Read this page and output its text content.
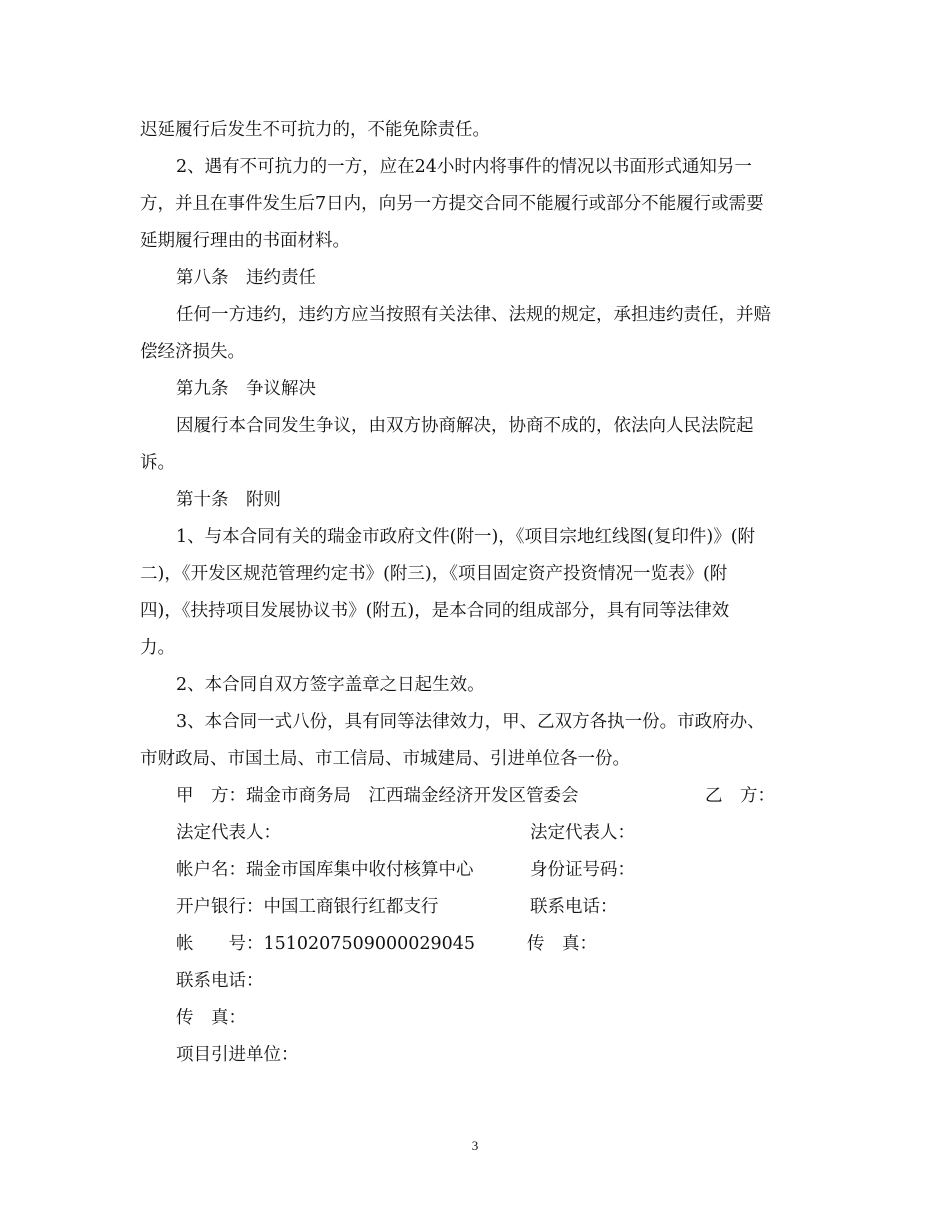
迟延履行后发生不可抗力的，不能免除责任。
2、遇有不可抗力的一方，应在24小时内将事件的情况以书面形式通知另一
方，并且在事件发生后7日内，向另一方提交合同不能履行或部分不能履行或需要
延期履行理由的书面材料。
第八条　违约责任
任何一方违约，违约方应当按照有关法律、法规的规定，承担违约责任，并赔
偿经济损失。
第九条　争议解决
因履行本合同发生争议，由双方协商解决，协商不成的，依法向人民法院起
诉。
第十条　附则
1、与本合同有关的瑞金市政府文件(附一)，《项目宗地红线图(复印件)》(附
二)，《开发区规范管理约定书》(附三)，《项目固定资产投资情况一览表》(附
四)，《扶持项目发展协议书》(附五)，是本合同的组成部分，具有同等法律效
力。
2、本合同自双方签字盖章之日起生效。
3、本合同一式八份，具有同等法律效力，甲、乙双方各执一份。市政府办、
市财政局、市国土局、市工信局、市城建局、引进单位各一份。
甲　方：瑞金市商务局　江西瑞金经济开发区管委会	乙　方：
法定代表人：	法定代表人：
帐户名：瑞金市国库集中收付核算中心	身份证号码：
开户银行：中国工商银行红都支行	联系电话：
帐　　号：1510207509000029045	传　真：
联系电话：
传　真：
项目引进单位：
3
